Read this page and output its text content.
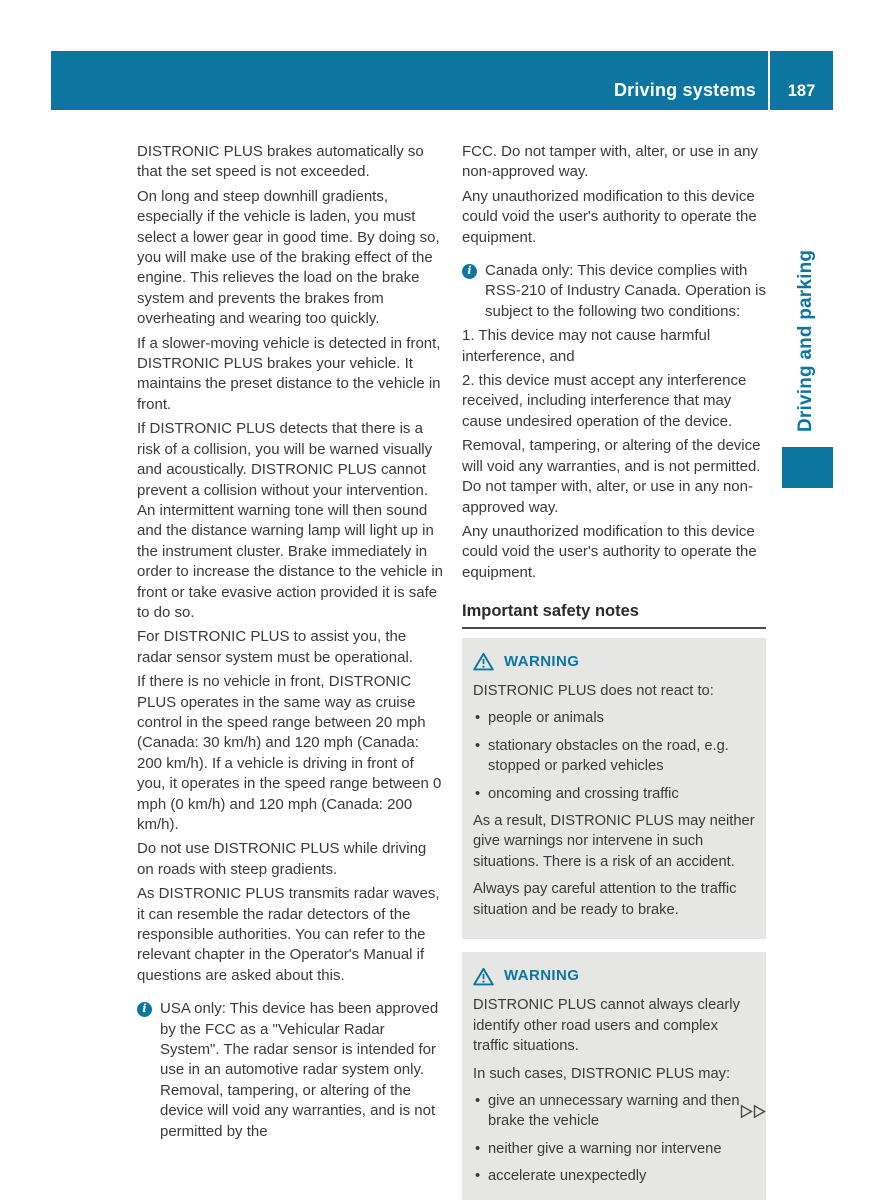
Driving systems	187
Driving and parking

DISTRONIC PLUS brakes automatically so that the set speed is not exceeded.

On long and steep downhill gradients, especially if the vehicle is laden, you must select a lower gear in good time. By doing so, you will make use of the braking effect of the engine. This relieves the load on the brake system and prevents the brakes from overheating and wearing too quickly.

If a slower-moving vehicle is detected in front, DISTRONIC PLUS brakes your vehicle. It maintains the preset distance to the vehicle in front.

If DISTRONIC PLUS detects that there is a risk of a collision, you will be warned visually and acoustically. DISTRONIC PLUS cannot prevent a collision without your intervention. An intermittent warning tone will then sound and the distance warning lamp will light up in the instrument cluster. Brake immediately in order to increase the distance to the vehicle in front or take evasive action provided it is safe to do so.

For DISTRONIC PLUS to assist you, the radar sensor system must be operational.

If there is no vehicle in front, DISTRONIC PLUS operates in the same way as cruise control in the speed range between 20 mph (Canada: 30 km/h) and 120 mph (Canada: 200 km/h). If a vehicle is driving in front of you, it operates in the speed range between 0 mph (0 km/h) and 120 mph (Canada: 200 km/h).

Do not use DISTRONIC PLUS while driving on roads with steep gradients.

As DISTRONIC PLUS transmits radar waves, it can resemble the radar detectors of the responsible authorities. You can refer to the relevant chapter in the Operator's Manual if questions are asked about this.

i USA only: This device has been approved by the FCC as a "Vehicular Radar System". The radar sensor is intended for use in an automotive radar system only. Removal, tampering, or altering of the device will void any warranties, and is not permitted by the

FCC. Do not tamper with, alter, or use in any non-approved way.

Any unauthorized modification to this device could void the user's authority to operate the equipment.

i Canada only: This device complies with RSS-210 of Industry Canada. Operation is subject to the following two conditions:

1. This device may not cause harmful interference, and

2. this device must accept any interference received, including interference that may cause undesired operation of the device.

Removal, tampering, or altering of the device will void any warranties, and is not permitted. Do not tamper with, alter, or use in any non-approved way.

Any unauthorized modification to this device could void the user's authority to operate the equipment.

Important safety notes
WARNING

DISTRONIC PLUS does not react to:

• people or animals
• stationary obstacles on the road, e.g. stopped or parked vehicles
• oncoming and crossing traffic

As a result, DISTRONIC PLUS may neither give warnings nor intervene in such situations. There is a risk of an accident.

Always pay careful attention to the traffic situation and be ready to brake.

WARNING

DISTRONIC PLUS cannot always clearly identify other road users and complex traffic situations.

In such cases, DISTRONIC PLUS may:

• give an unnecessary warning and then brake the vehicle
• neither give a warning nor intervene
• accelerate unexpectedly
